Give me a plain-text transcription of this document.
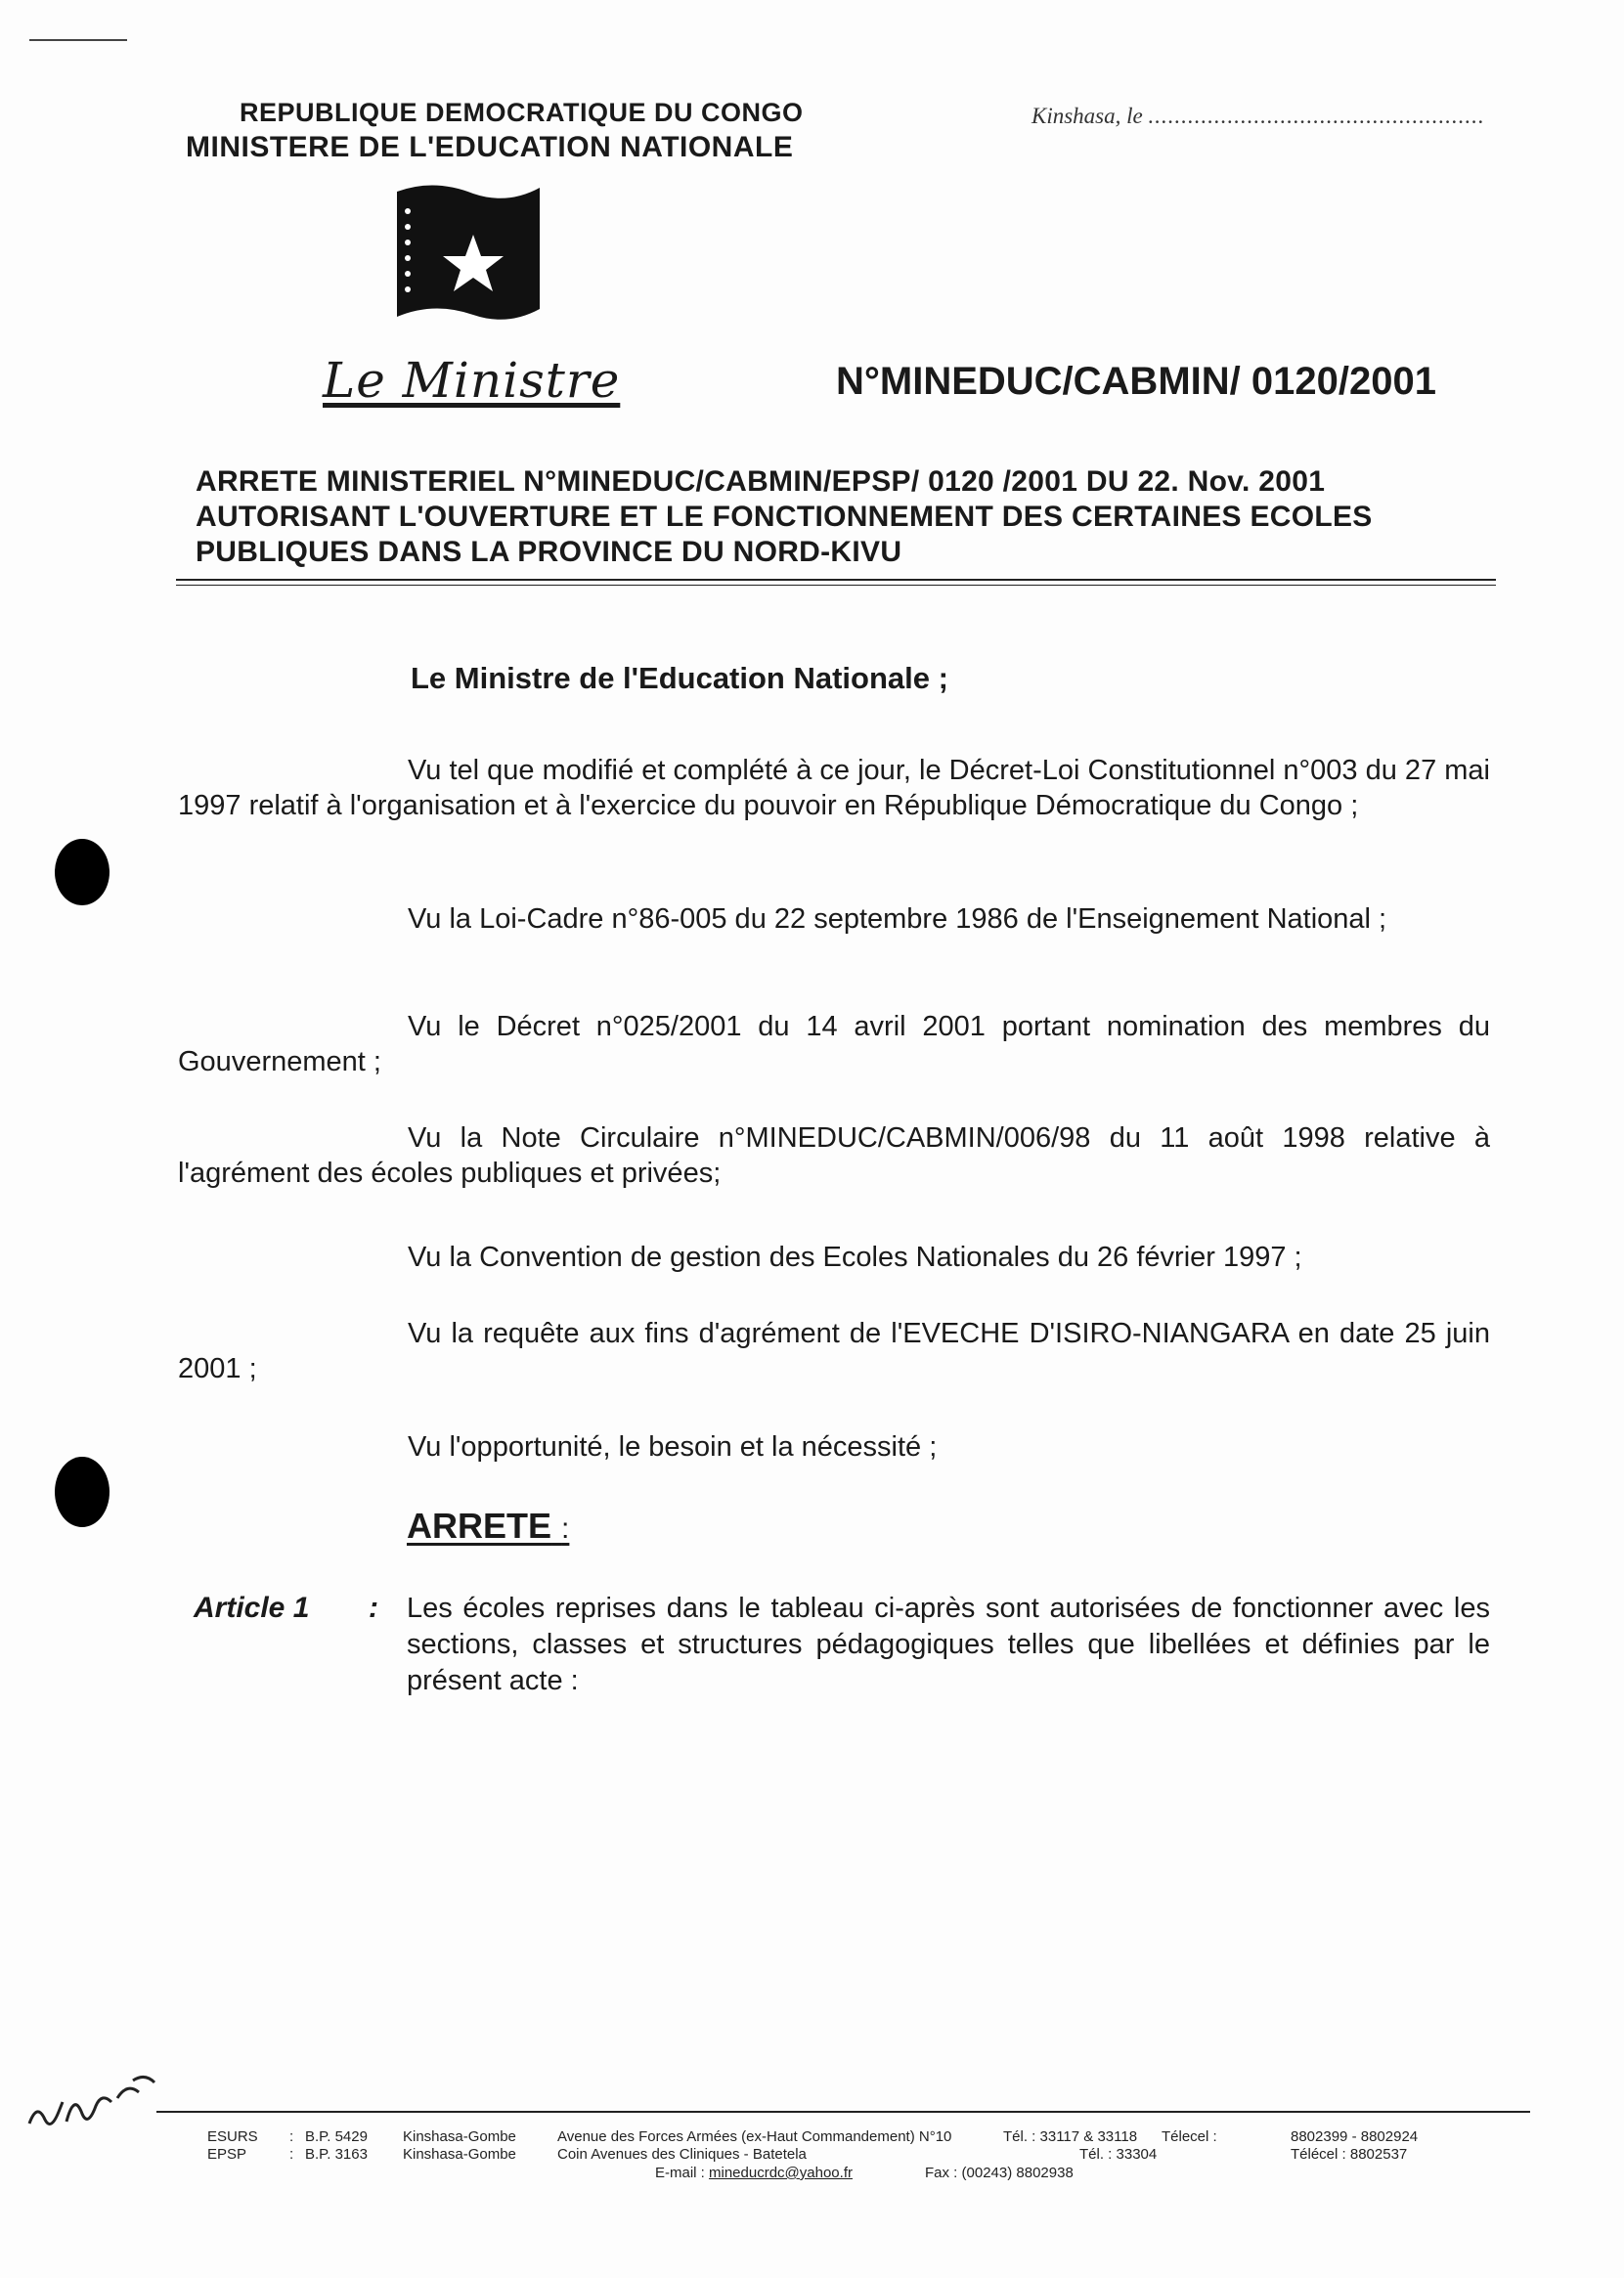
REPUBLIQUE DEMOCRATIQUE DU CONGO
MINISTERE DE L'EDUCATION NATIONALE
Kinshasa, le ...................................................
Le Ministre	N°MINEDUC/CABMIN/ 0120/2001
ARRETE MINISTERIEL N°MINEDUC/CABMIN/EPSP/ 0120 /2001 DU 22. Nov. 2001
AUTORISANT L'OUVERTURE ET LE FONCTIONNEMENT DES CERTAINES ECOLES
PUBLIQUES DANS LA PROVINCE DU NORD-KIVU
Le Ministre de l'Education Nationale ;
Vu tel que modifié et complété à ce jour, le Décret-Loi Constitutionnel n°003 du 27 mai 1997 relatif à l'organisation et à l'exercice du pouvoir en République Démocratique du Congo ;
Vu la Loi-Cadre n°86-005 du 22 septembre 1986 de l'Enseignement National ;
Vu le Décret n°025/2001 du 14 avril 2001 portant nomination des membres du Gouvernement ;
Vu la Note Circulaire n°MINEDUC/CABMIN/006/98 du 11 août 1998 relative à l'agrément des écoles publiques et privées;
Vu la Convention de gestion des Ecoles Nationales du 26 février 1997 ;
Vu la requête aux fins d'agrément de l'EVECHE D'ISIRO-NIANGARA en date 25 juin 2001 ;
Vu l'opportunité, le besoin et la nécessité ;
ARRETE :
Article 1 : Les écoles reprises dans le tableau ci-après sont autorisées de fonctionner avec les sections, classes et structures pédagogiques telles que libellées et définies par le présent acte :
ESURS : B.P. 5429 Kinshasa-Gombe	Avenue des Forces Armées (ex-Haut Commandement) N°10	Tél. : 33117 & 33118 Télecel :	8802399 - 8802924
EPSP	: B.P. 3163 Kinshasa-Gombe	Coin Avenues des Cliniques - Batetela	Tél. : 33304	Télécel : 8802537
E-mail : mineducrdc@yahoo.fr	Fax : (00243) 8802938
